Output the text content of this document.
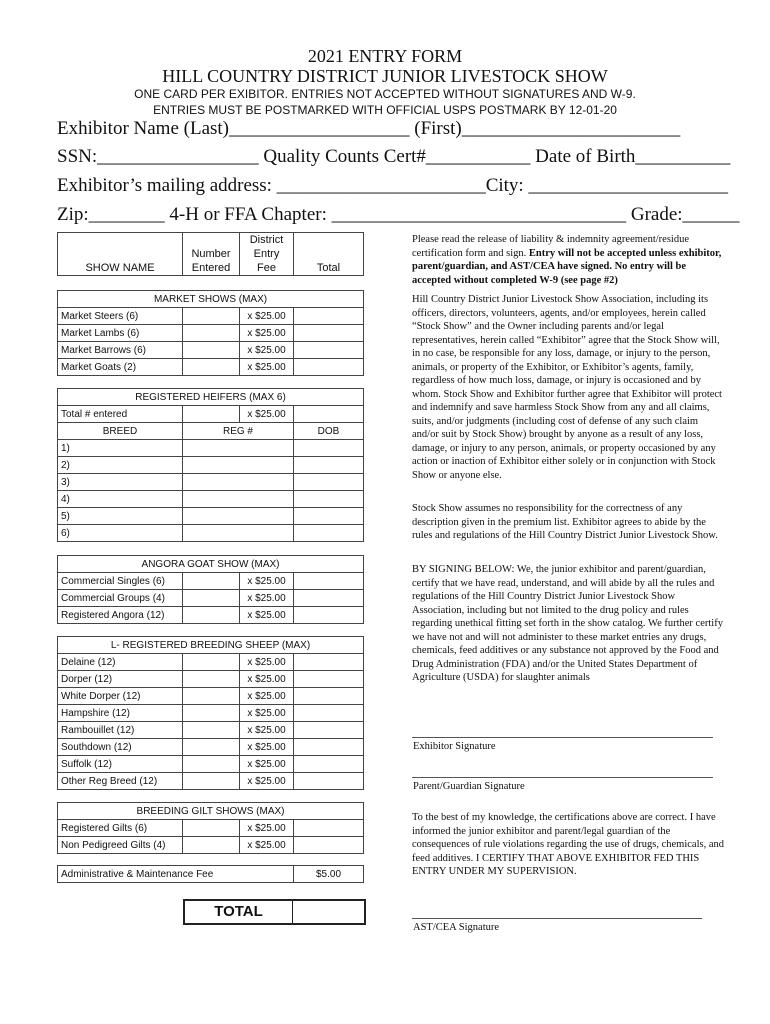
2021 ENTRY FORM
HILL COUNTRY DISTRICT JUNIOR LIVESTOCK SHOW
ONE CARD PER EXIBITOR. ENTRIES NOT ACCEPTED WITHOUT SIGNATURES AND W-9.
ENTRIES MUST BE POSTMARKED WITH OFFICIAL USPS POSTMARK BY 12-01-20
Exhibitor Name (Last)___________________ (First)_______________________
SSN:_________________ Quality Counts Cert#___________ Date of Birth__________
Exhibitor’s mailing address: ______________________City: _____________________
Zip:________ 4-H or FFA Chapter: _______________________________ Grade:______
SHOW NAME	Number Entered	District Entry Fee	Total
MARKET SHOWS (MAX)			
Market Steers (6)		x $25.00	
Market Lambs (6)		x $25.00	
Market Barrows (6)		x $25.00	
Market Goats (2)		x $25.00	
REGISTERED HEIFERS (MAX 6)			
Total # entered		x $25.00	
BREED	REG #		DOB
1)			
2)			
3)			
4)			
5)			
6)			
ANGORA GOAT SHOW (MAX)			
Commercial Singles (6)		x $25.00	
Commercial Groups (4)		x $25.00	
Registered Angora (12)		x $25.00	
L- REGISTERED BREEDING SHEEP (MAX)			
Delaine (12)		x $25.00	
Dorper (12)		x $25.00	
White Dorper (12)		x $25.00	
Hampshire (12)		x $25.00	
Rambouillet (12)		x $25.00	
Southdown (12)		x $25.00	
Suffolk (12)		x $25.00	
Other Reg Breed (12)		x $25.00	
BREEDING GILT SHOWS (MAX)			
Registered Gilts (6)		x $25.00	
Non Pedigreed Gilts (4)		x $25.00	
Administrative & Maintenance Fee	$5.00
TOTAL

Please read the release of liability & indemnity agreement/residue certification form and sign. Entry will not be accepted unless exhibitor, parent/guardian, and AST/CEA have signed. No entry will be accepted without completed W-9 (see page #2)

Hill Country District Junior Livestock Show Association, including its officers, directors, volunteers, agents, and/or employees, herein called “Stock Show” and the Owner including parents and/or legal representatives, herein called “Exhibitor” agree that the Stock Show will, in no case, be responsible for any loss, damage, or injury to the person, animals, or property of the Exhibitor, or Exhibitor’s agents, family, regardless of how much loss, damage, or injury is occasioned and by whom. Stock Show and Exhibitor further agree that Exhibitor will protect and indemnify and save harmless Stock Show from any and all claims, suits, and/or judgments (including cost of defense of any such claim and/or suit by Stock Show) brought by anyone as a result of any loss, damage, or injury to any person, animals, or property occasioned by any action or inaction of Exhibitor either solely or in conjunction with Stock Show or anyone else.

Stock Show assumes no responsibility for the correctness of any description given in the premium list. Exhibitor agrees to abide by the rules and regulations of the Hill Country District Junior Livestock Show.

BY SIGNING BELOW: We, the junior exhibitor and parent/guardian, certify that we have read, understand, and will abide by all the rules and regulations of the Hill Country District Junior Livestock Show Association, including but not limited to the drug policy and rules regarding unethical fitting set forth in the show catalog. We further certify we have not and will not administer to these market entries any drugs, chemicals, feed additives or any substance not approved by the Food and Drug Administration (FDA) and/or the United States Department of Agriculture (USDA) for slaughter animals

Exhibitor Signature
Parent/Guardian Signature

To the best of my knowledge, the certifications above are correct. I have informed the junior exhibitor and parent/legal guardian of the consequences of rule violations regarding the use of drugs, chemicals, and feed additives. I CERTIFY THAT ABOVE EXHIBITOR FED THIS ENTRY UNDER MY SUPERVISION.

AST/CEA Signature
